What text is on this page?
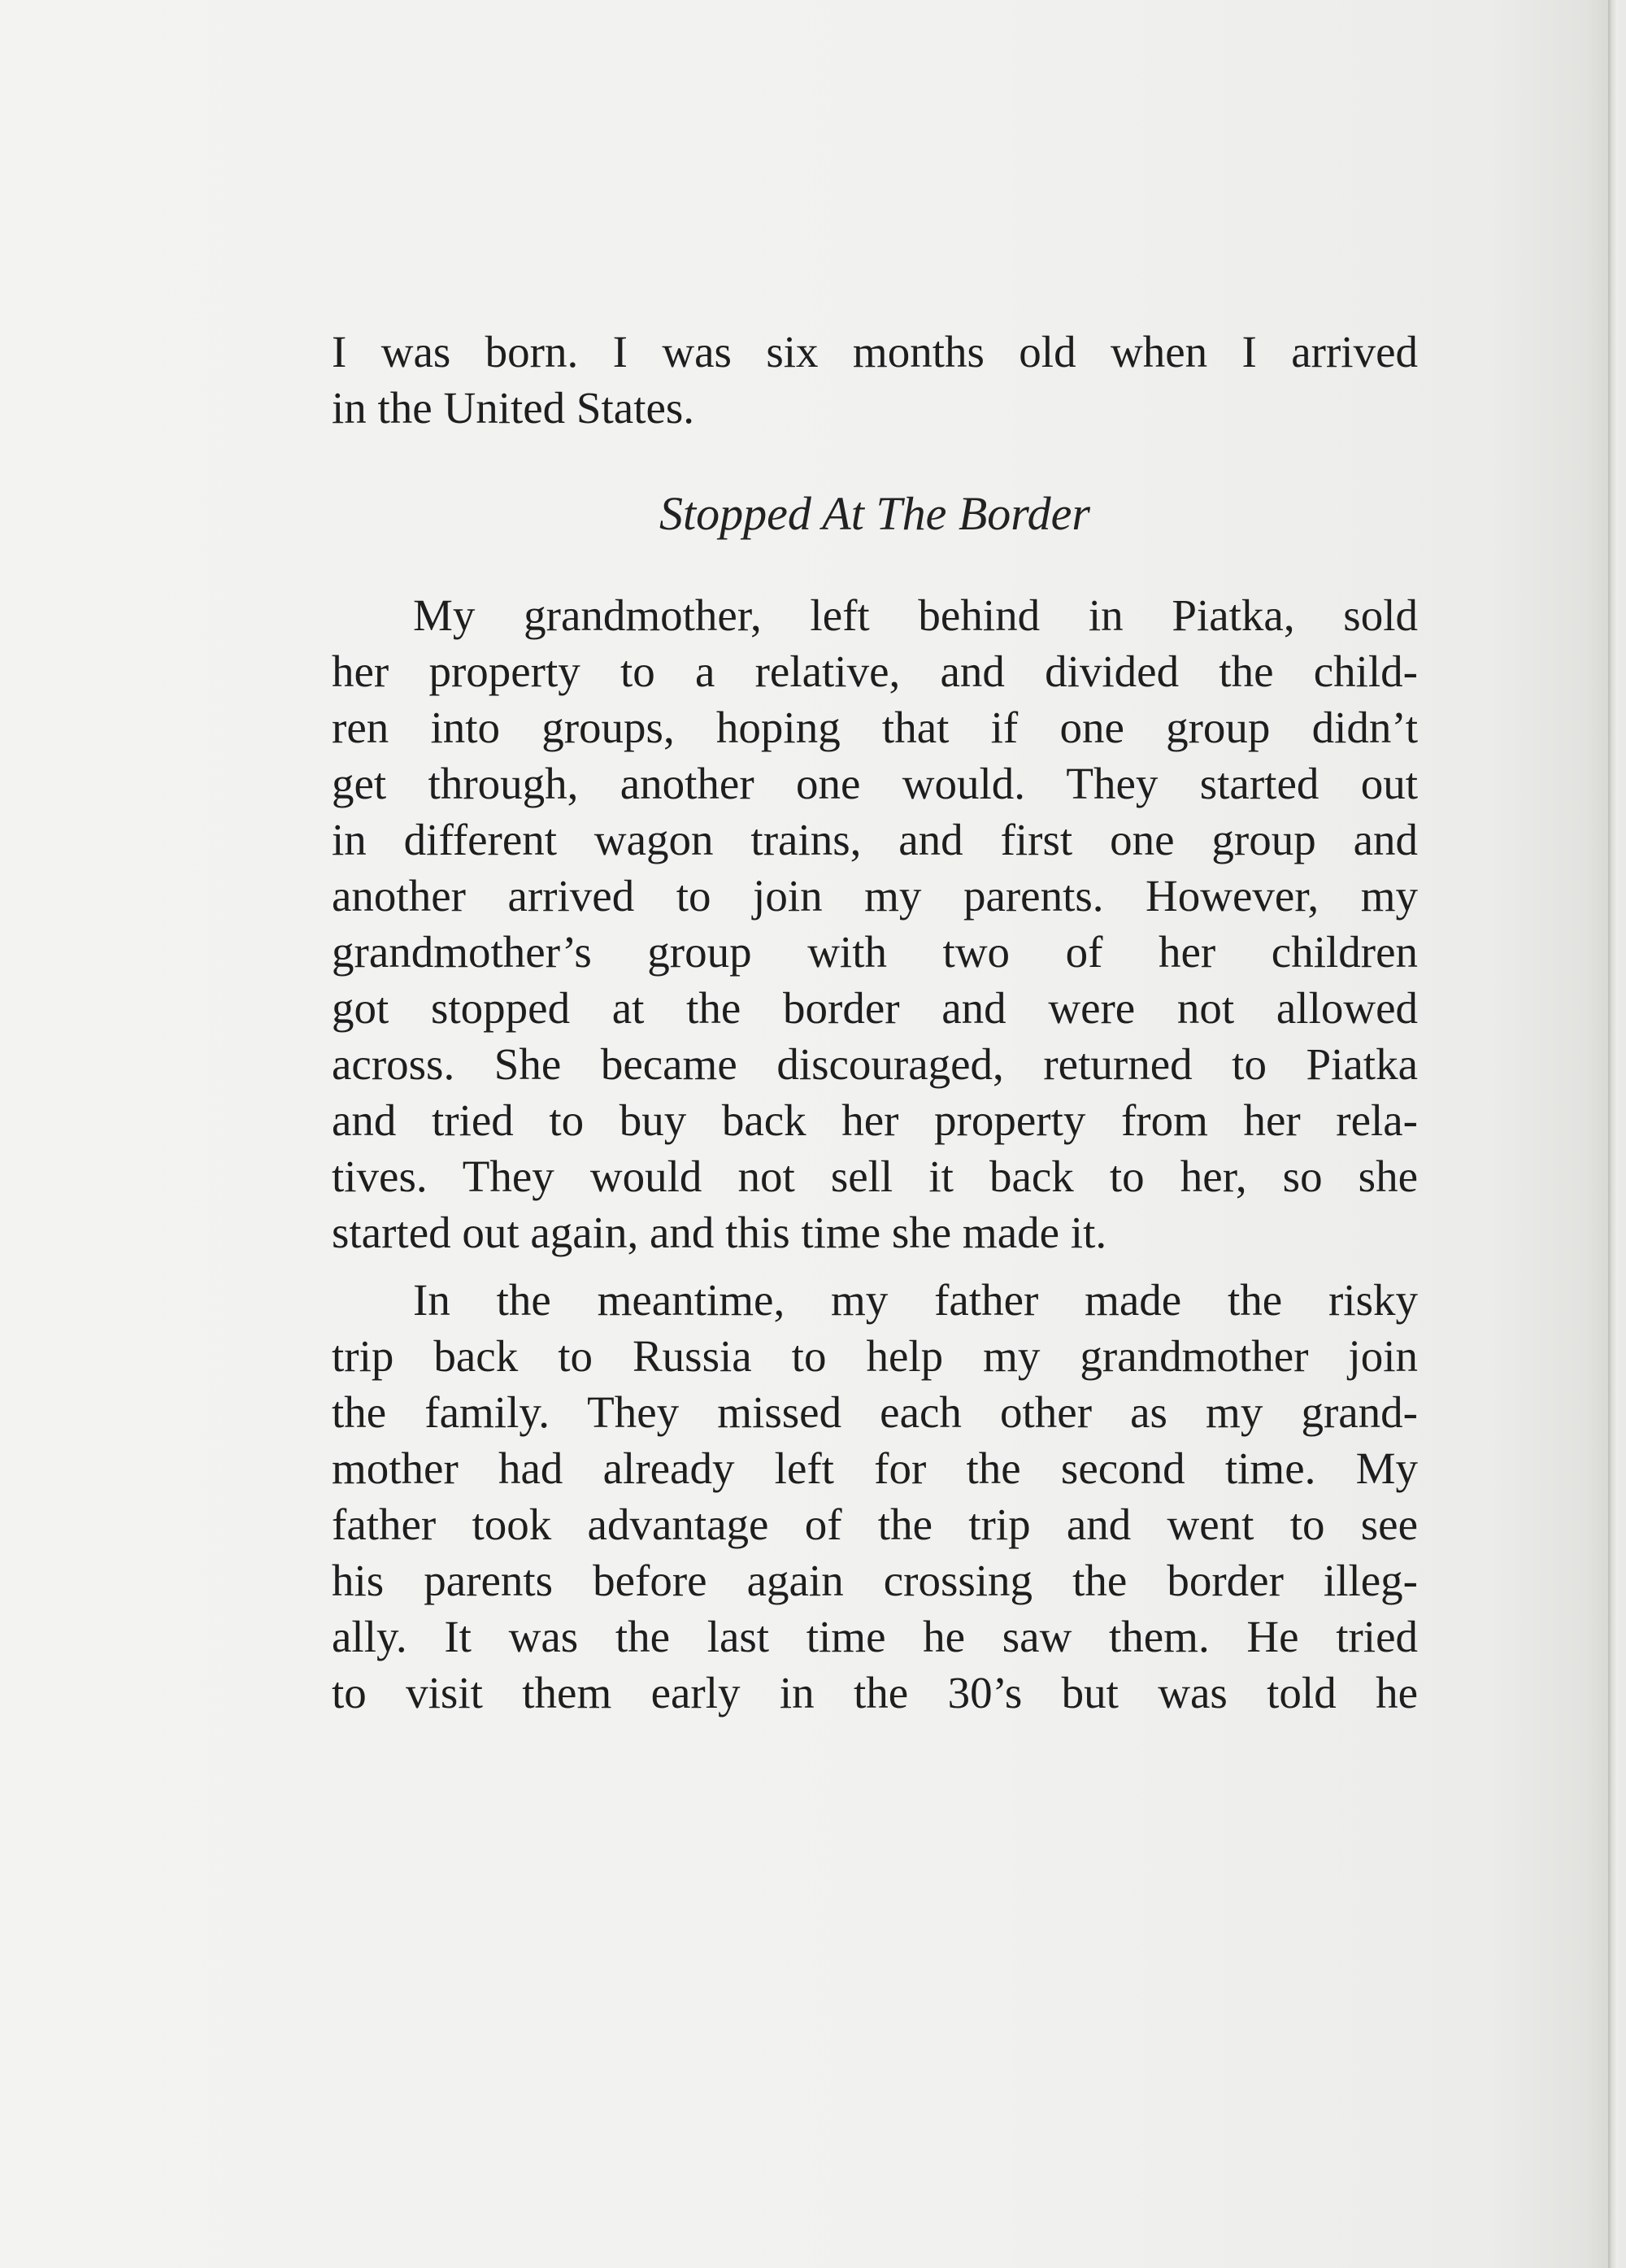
I was born. I was six months old when I arrived
in the United States.
Stopped At The Border
My grandmother, left behind in Piatka, sold
her property to a relative, and divided the child-
ren into groups, hoping that if one group didn’t
get through, another one would. They started out
in different wagon trains, and first one group and
another arrived to join my parents. However, my
grandmother’s group with two of her children
got stopped at the border and were not allowed
across. She became discouraged, returned to Piatka
and tried to buy back her property from her rela-
tives. They would not sell it back to her, so she
started out again, and this time she made it.
In the meantime, my father made the risky
trip back to Russia to help my grandmother join
the family. They missed each other as my grand-
mother had already left for the second time. My
father took advantage of the trip and went to see
his parents before again crossing the border illeg-
ally. It was the last time he saw them. He tried
to visit them early in the 30’s but was told he
